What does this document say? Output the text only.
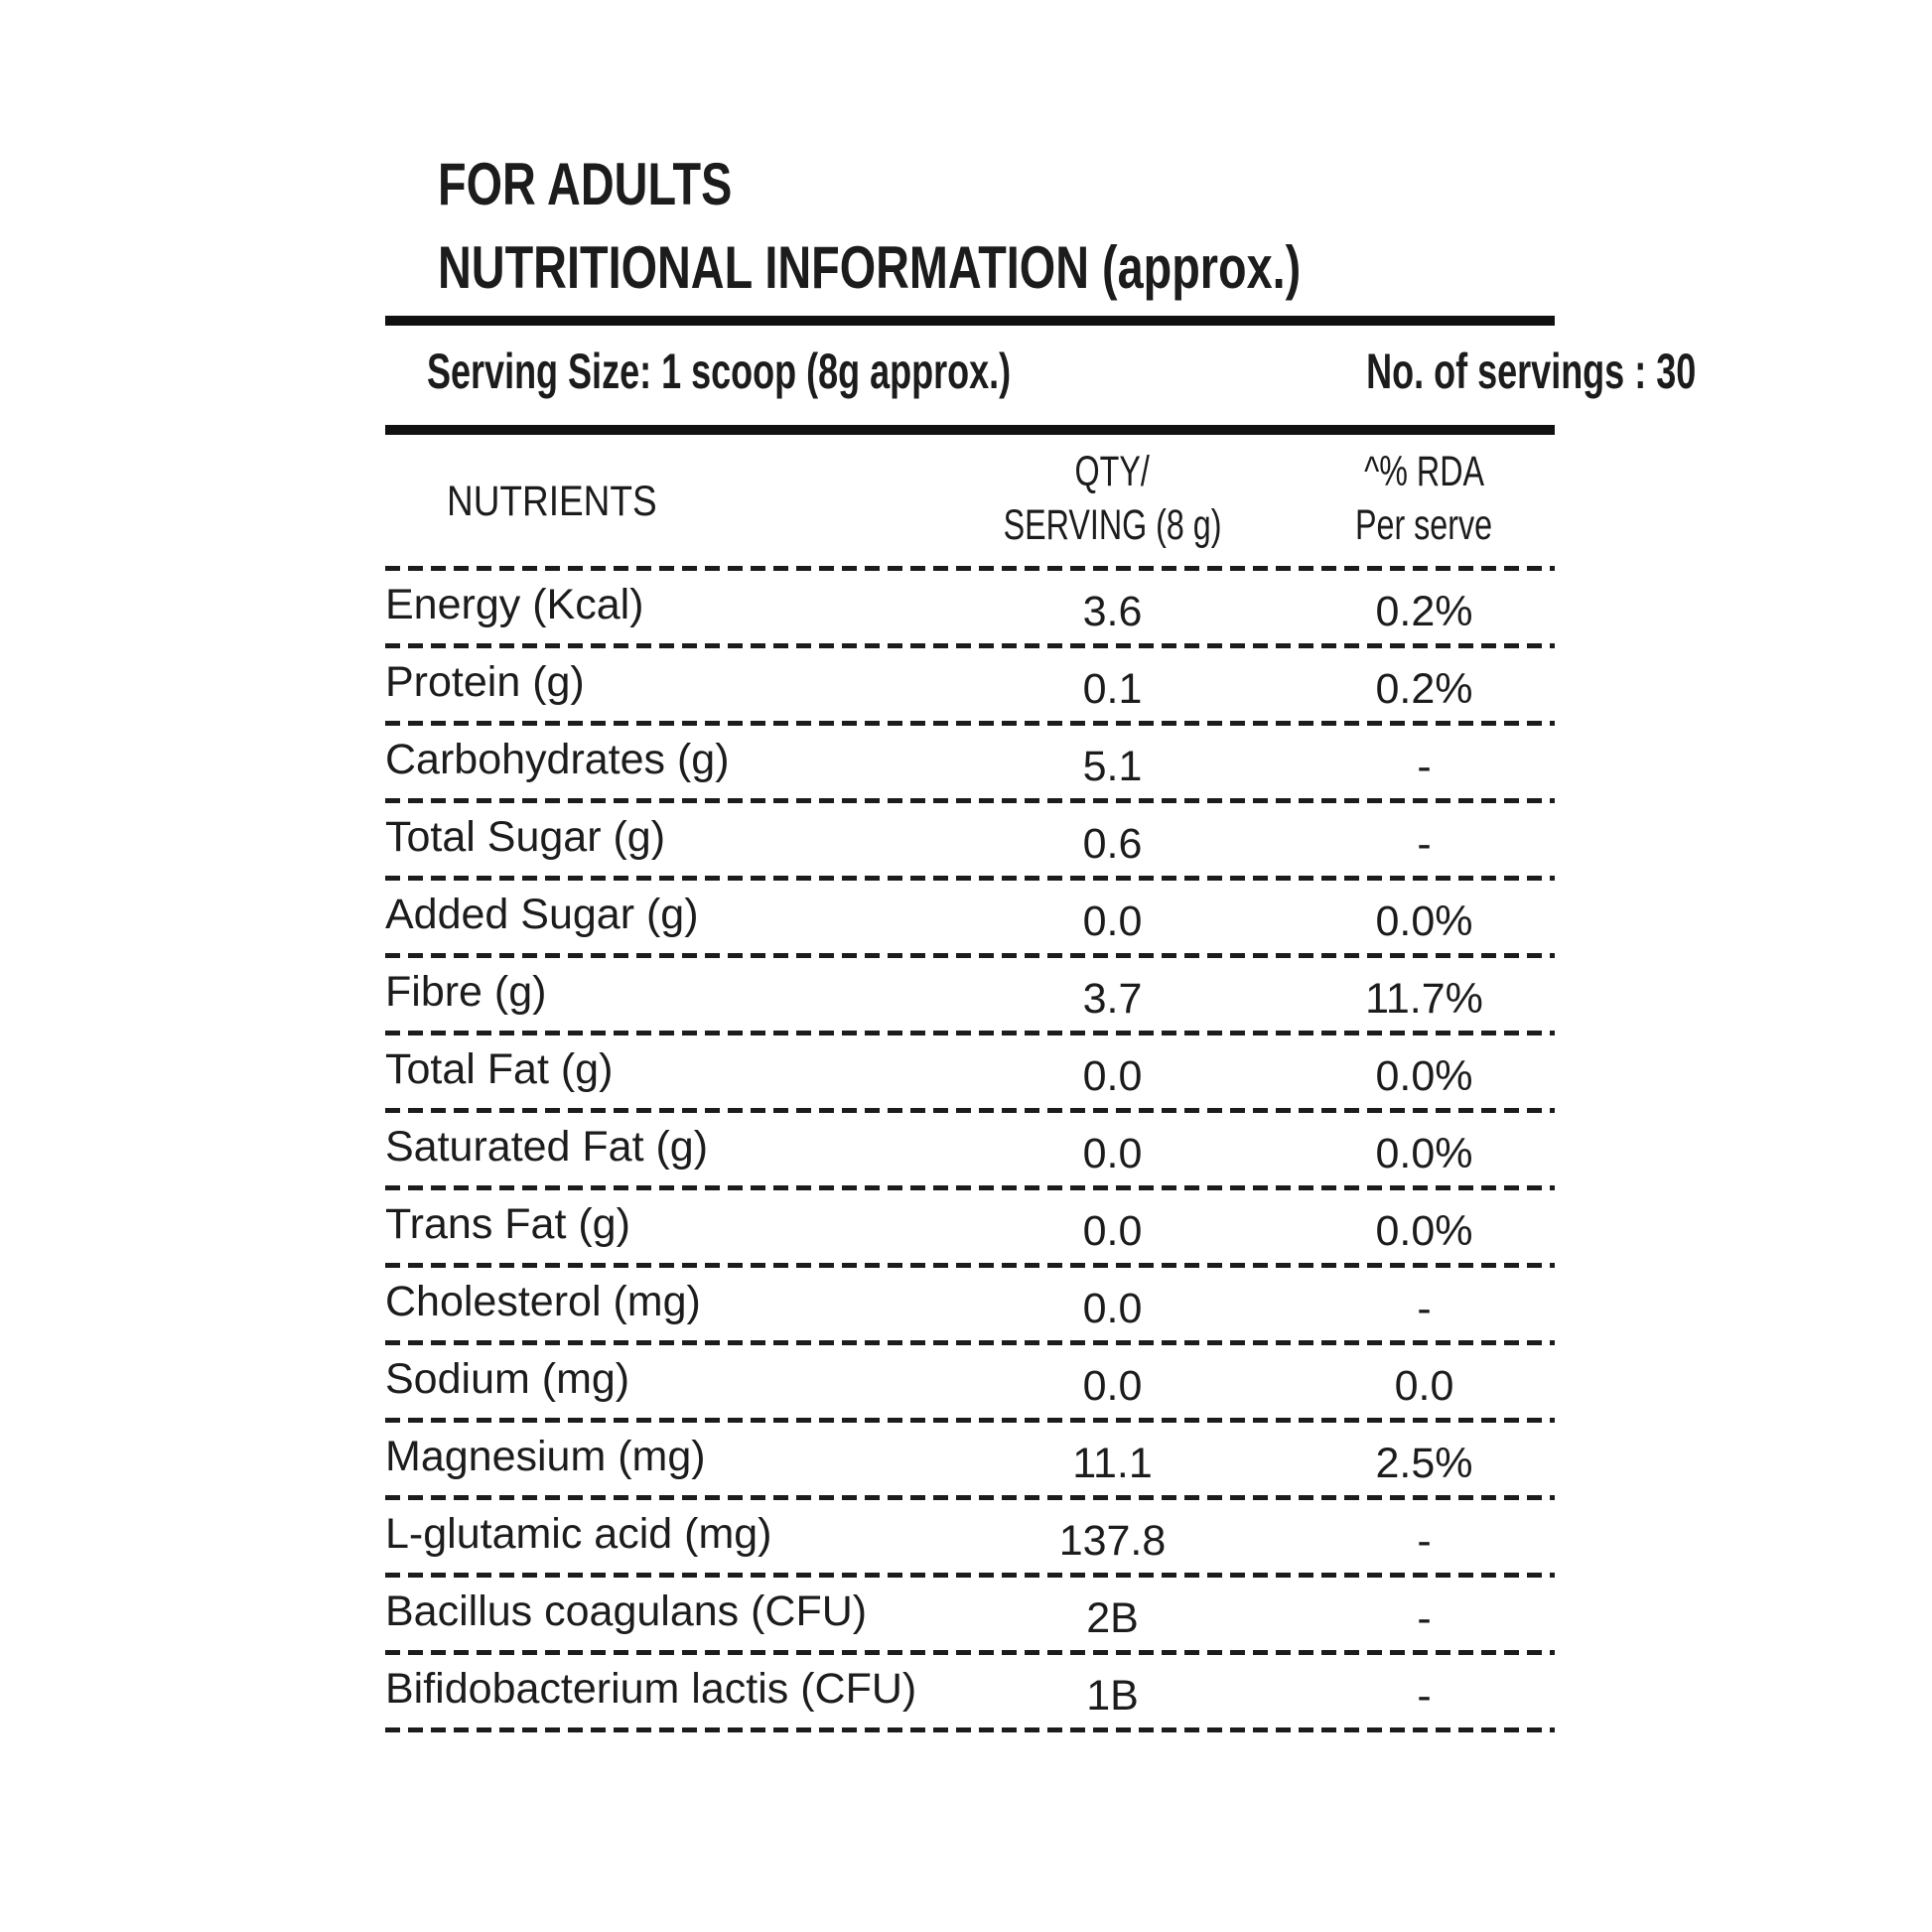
FOR ADULTS
NUTRITIONAL INFORMATION (approx.)
Serving Size: 1 scoop (8g approx.)	No. of servings : 30
NUTRIENTS
QTY/
SERVING (8 g)
^% RDA
Per serve
Energy (Kcal)	3.6	0.2%
Protein (g)	0.1	0.2%
Carbohydrates (g)	5.1	-
Total Sugar (g)	0.6	-
Added Sugar (g)	0.0	0.0%
Fibre (g)	3.7	11.7%
Total Fat (g)	0.0	0.0%
Saturated Fat (g)	0.0	0.0%
Trans Fat (g)	0.0	0.0%
Cholesterol (mg)	0.0	-
Sodium (mg)	0.0	0.0
Magnesium (mg)	11.1	2.5%
L-glutamic acid (mg)	137.8	-
Bacillus coagulans (CFU)	2B	-
Bifidobacterium lactis (CFU)	1B	-
